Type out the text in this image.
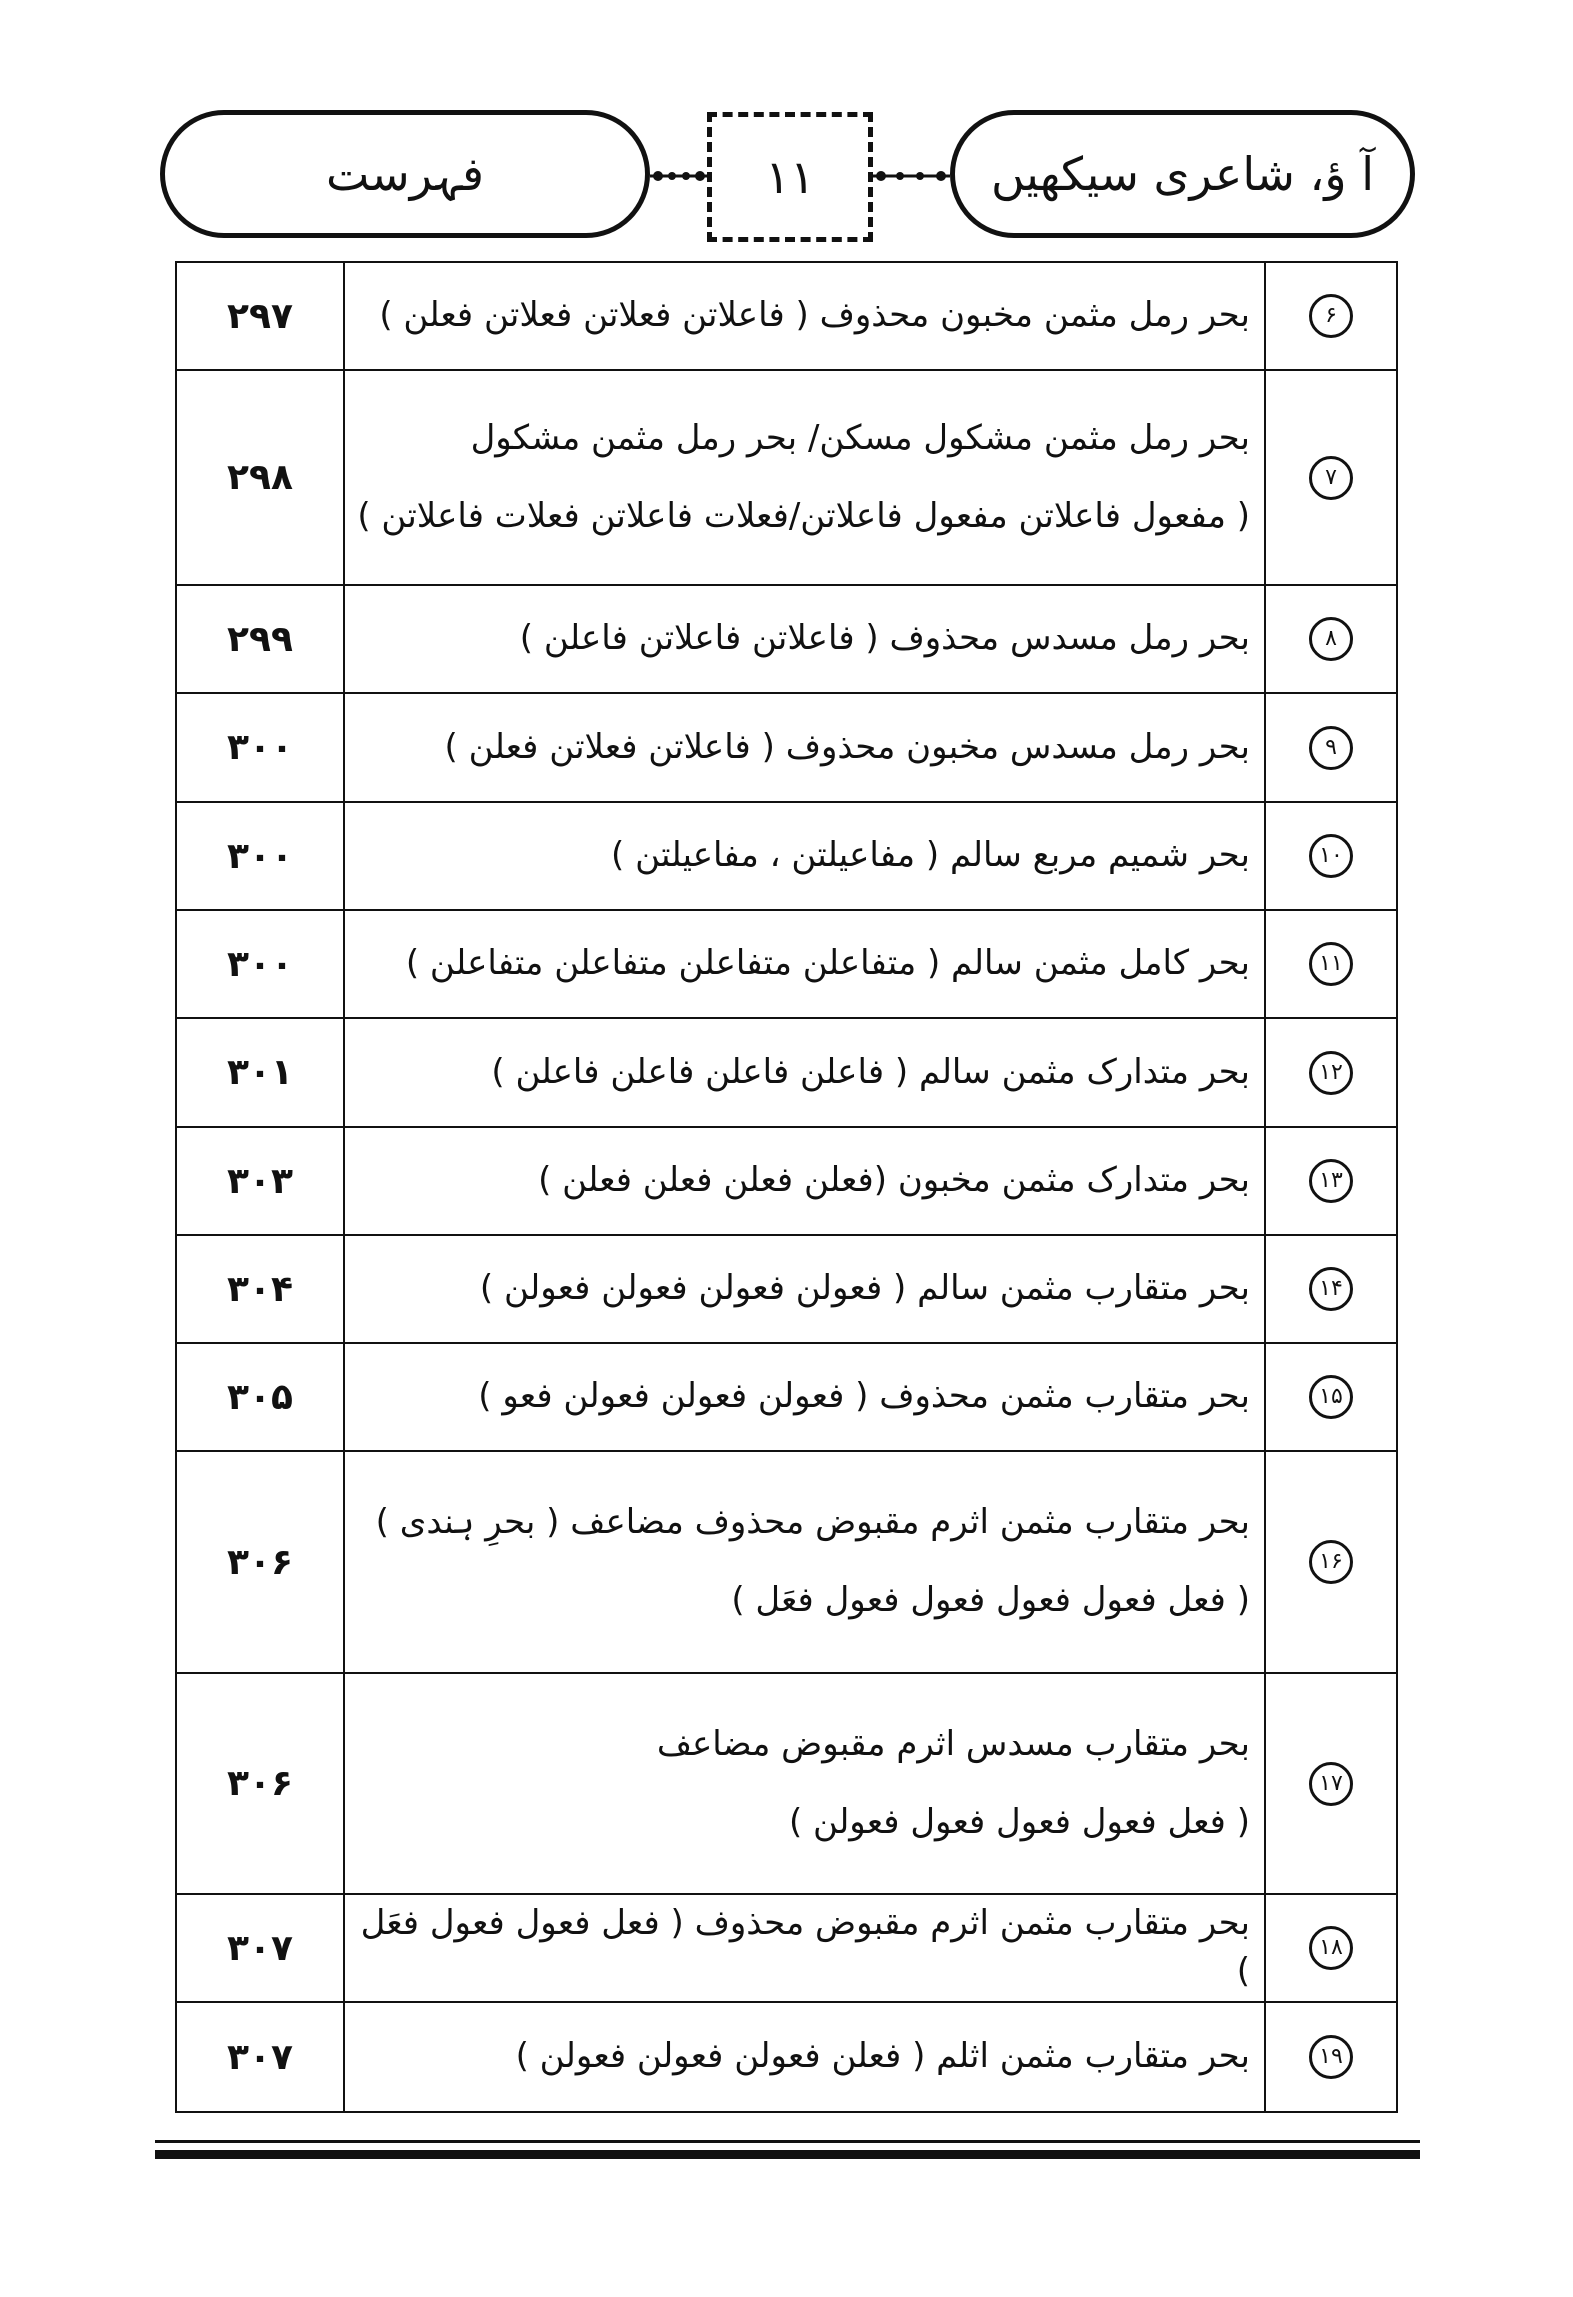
فہرست	۱۱	آ ؤ، شاعری سیکھیں
۲۹۷	بحر رمل مثمن مخبون محذوف ( فاعلاتن فعلاتن فعلاتن فعلن )	۶
۲۹۸	بحر رمل مثمن مشکول مسکن/ بحر رمل مثمن مشکول
( مفعول فاعلاتن مفعول فاعلاتن/فعلات فاعلاتن فعلات فاعلاتن )	۷
۲۹۹	بحر رمل مسدس محذوف ( فاعلاتن فاعلاتن فاعلن )	۸
۳۰۰	بحر رمل مسدس مخبون محذوف ( فاعلاتن فعلاتن فعلن )	۹
۳۰۰	بحر شمیم مربع سالم ( مفاعیلتن ، مفاعیلتن )	۱۰
۳۰۰	بحر کامل مثمن سالم ( متفاعلن متفاعلن متفاعلن متفاعلن )	۱۱
۳۰۱	بحر متدارک مثمن سالم ( فاعلن فاعلن فاعلن فاعلن )	۱۲
۳۰۳	بحر متدارک مثمن مخبون (فعلن فعلن فعلن فعلن )	۱۳
۳۰۴	بحر متقارب مثمن سالم ( فعولن فعولن فعولن فعولن )	۱۴
۳۰۵	بحر متقارب مثمن محذوف ( فعولن فعولن فعولن فعو )	۱۵
۳۰۶	بحر متقارب مثمن اثرم مقبوض محذوف مضاعف ( بحرِ ہندی )
( فعل فعول فعول فعول فعول فعَل )	۱۶
۳۰۶	بحر متقارب مسدس اثرم مقبوض مضاعف
( فعل فعول فعول فعول فعولن )	۱۷
۳۰۷	بحر متقارب مثمن اثرم مقبوض محذوف ( فعل فعول فعول فعَل )	۱۸
۳۰۷	بحر متقارب مثمن اثلم ( فعلن فعولن فعولن فعولن )	۱۹
